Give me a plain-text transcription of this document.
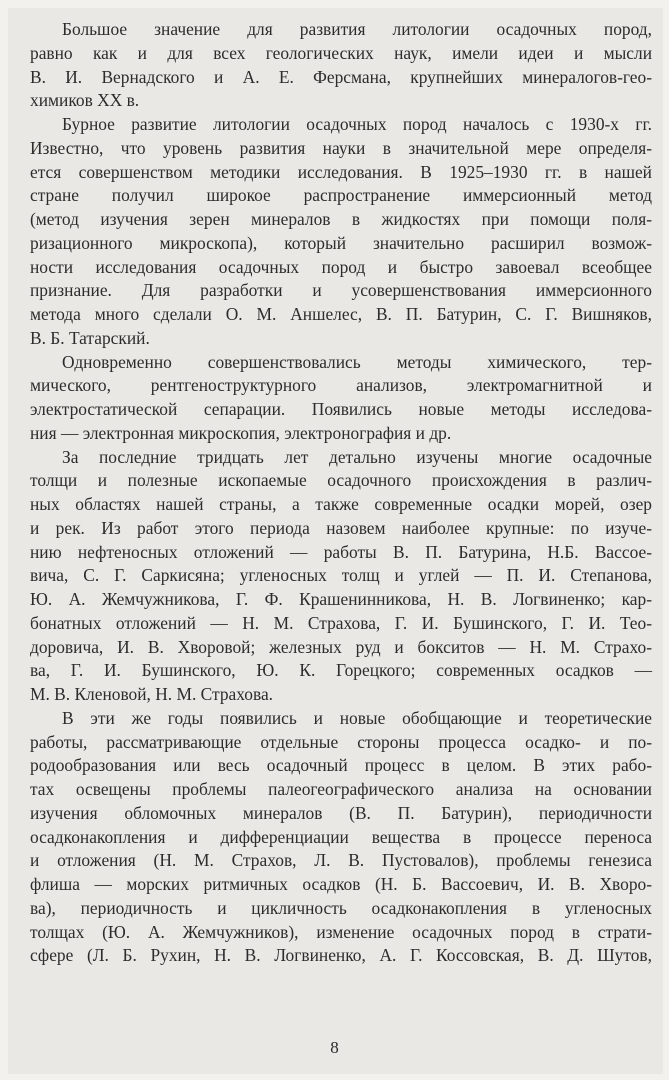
Большое значение для развития литологии осадочных пород,
равно как и для всех геологических наук, имели идеи и мысли
В. И. Вернадского и А. Е. Ферсмана, крупнейших минералогов-гео-
химиков XX в.
Бурное развитие литологии осадочных пород началось с 1930-х гг.
Известно, что уровень развития науки в значительной мере определя-
ется совершенством методики исследования. В 1925–1930 гг. в нашей
стране получил широкое распространение иммерсионный метод
(метод изучения зерен минералов в жидкостях при помощи поля-
ризационного микроскопа), который значительно расширил возмож-
ности исследования осадочных пород и быстро завоевал всеобщее
признание. Для разработки и усовершенствования иммерсионного
метода много сделали О. М. Аншелес, В. П. Батурин, С. Г. Вишняков,
В. Б. Татарский.
Одновременно совершенствовались методы химического, тер-
мического, рентгеноструктурного анализов, электромагнитной и
электростатической сепарации. Появились новые методы исследова-
ния — электронная микроскопия, электронография и др.
За последние тридцать лет детально изучены многие осадочные
толщи и полезные ископаемые осадочного происхождения в различ-
ных областях нашей страны, а также современные осадки морей, озер
и рек. Из работ этого периода назовем наиболее крупные: по изуче-
нию нефтеносных отложений — работы В. П. Батурина, Н.Б. Вассое-
вича, С. Г. Саркисяна; угленосных толщ и углей — П. И. Степанова,
Ю. А. Жемчужникова, Г. Ф. Крашенинникова, Н. В. Логвиненко; кар-
бонатных отложений — Н. М. Страхова, Г. И. Бушинского, Г. И. Тео-
доровича, И. В. Хворовой; железных руд и бокситов — Н. М. Страхо-
ва, Г. И. Бушинского, Ю. К. Горецкого; современных осадков —
М. В. Кленовой, Н. М. Страхова.
В эти же годы появились и новые обобщающие и теоретические
работы, рассматривающие отдельные стороны процесса осадко- и по-
родообразования или весь осадочный процесс в целом. В этих рабо-
тах освещены проблемы палеогеографического анализа на основании
изучения обломочных минералов (В. П. Батурин), периодичности
осадконакопления и дифференциации вещества в процессе переноса
и отложения (Н. М. Страхов, Л. В. Пустовалов), проблемы генезиса
флиша — морских ритмичных осадков (Н. Б. Вассоевич, И. В. Хворо-
ва), периодичность и цикличность осадконакопления в угленосных
толщах (Ю. А. Жемчужников), изменение осадочных пород в страти-
сфере (Л. Б. Рухин, Н. В. Логвиненко, А. Г. Коссовская, В. Д. Шутов,
8
